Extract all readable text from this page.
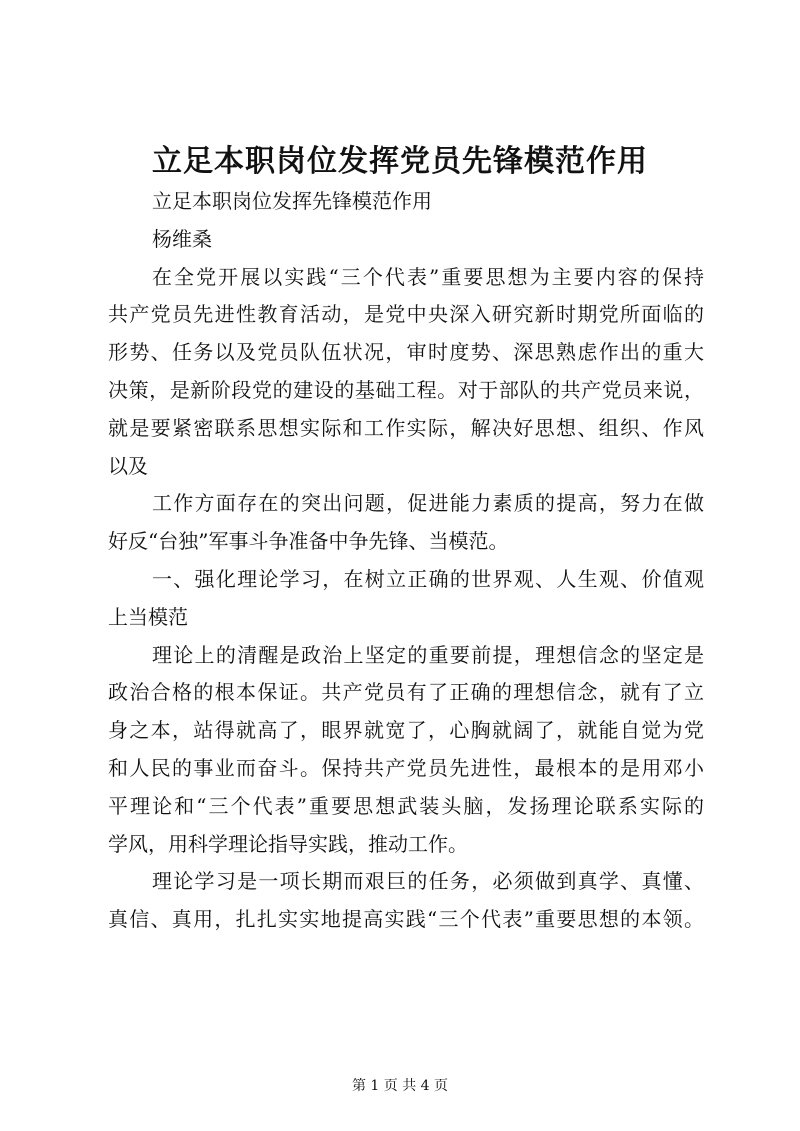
立足本职岗位发挥党员先锋模范作用
立足本职岗位发挥先锋模范作用
杨维桑
在全党开展以实践“三个代表”重要思想为主要内容的保持
共产党员先进性教育活动，是党中央深入研究新时期党所面临的
形势、任务以及党员队伍状况，审时度势、深思熟虑作出的重大
决策，是新阶段党的建设的基础工程。对于部队的共产党员来说，
就是要紧密联系思想实际和工作实际，解决好思想、组织、作风
以及
工作方面存在的突出问题，促进能力素质的提高，努力在做
好反“台独”军事斗争准备中争先锋、当模范。
一、强化理论学习，在树立正确的世界观、人生观、价值观
上当模范
理论上的清醒是政治上坚定的重要前提，理想信念的坚定是
政治合格的根本保证。共产党员有了正确的理想信念，就有了立
身之本，站得就高了，眼界就宽了，心胸就阔了，就能自觉为党
和人民的事业而奋斗。保持共产党员先进性，最根本的是用邓小
平理论和“三个代表”重要思想武装头脑，发扬理论联系实际的
学风，用科学理论指导实践，推动工作。
理论学习是一项长期而艰巨的任务，必须做到真学、真懂、
真信、真用，扎扎实实地提高实践“三个代表”重要思想的本领。
第 1 页 共 4 页
